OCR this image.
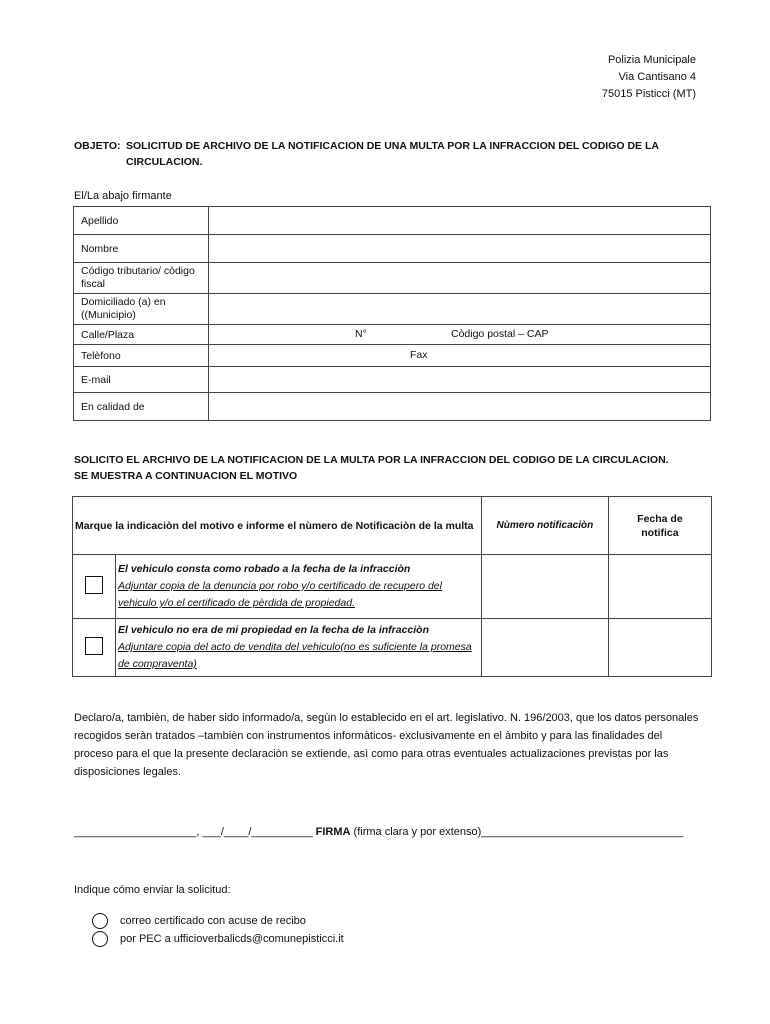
Polizia Municipale
Via Cantisano 4
75015 Pisticci (MT)
OBJETO: SOLICITUD DE ARCHIVO DE LA NOTIFICACION DE UNA MULTA POR LA INFRACCION DEL CODIGO DE LA
CIRCULACION.
El/La abajo firmante
Apellido	
Nombre	
Código tributario/ còdigo fiscal	
Domiciliado (a) en ((Municipio)	
Calle/Plaza	N° Còdigo postal – CAP

Telèfono	Fax

E-mail	
En calidad de	
SOLICITO EL ARCHIVO DE LA NOTIFICACION DE LA MULTA POR LA INFRACCION DEL CODIGO DE LA CIRCULACION.
SE MUESTRA A CONTINUACION EL MOTIVO
Marque la indicaciòn del motivo e informe el nùmero de Notificaciòn de la multa		Nùmero notificaciòn	Fecha de notifica

	El vehiculo consta como robado a la fecha de la infracciòn
Adjuntar copia de la denuncia por robo y/o certificado de recupero del vehiculo y/o el certificado de pèrdida de propiedad.		

	El vehiculo no era de mi propiedad en la fecha de la infracciòn
Adjuntare copia del acto de vendita del vehiculo(no es suficiente la promesa de compraventa)		

Declaro/a, tambièn, de haber sido informado/a, segùn lo establecido en el art. legislativo. N. 196/2003, que los datos personales recogidos seràn tratados –tambièn con instrumentos informàticos- exclusivamente en el àmbito y para las finalidades del proceso para el que la presente declaraciòn se extiende, asì como para otras eventuales actualizaciones previstas por las disposiciones legales.
____________________, ___/____/__________ FIRMA (firma clara y por extenso)_________________________________
Indique cómo enviar la solicitud:
correo certificado con acuse de recibo
por PEC a ufficioverbalicds@comunepisticci.it
